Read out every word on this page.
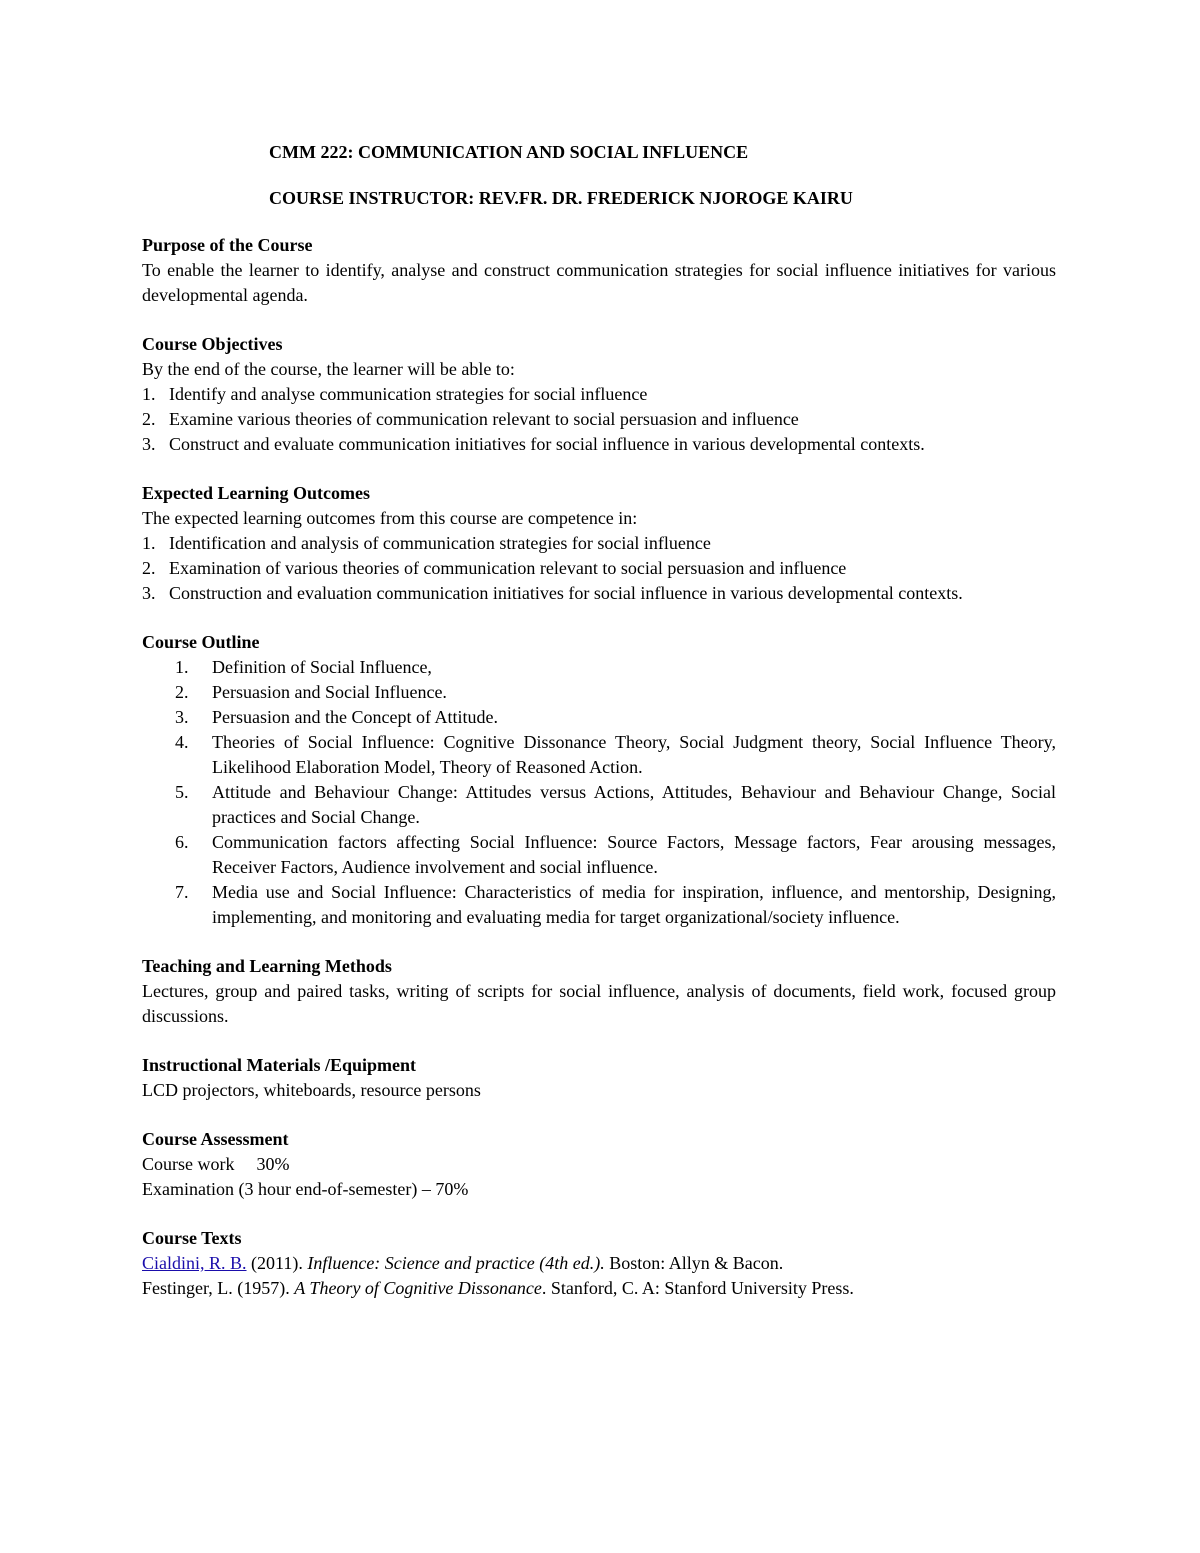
CMM 222: COMMUNICATION AND SOCIAL INFLUENCE
COURSE INSTRUCTOR: REV.FR. DR. FREDERICK NJOROGE KAIRU
Purpose of the Course
To enable the learner to identify, analyse and construct communication strategies for social influence initiatives for various developmental agenda.
Course Objectives
By the end of the course, the learner will be able to:
1. Identify and analyse communication strategies for social influence
2. Examine various theories of communication relevant to social persuasion and influence
3. Construct and evaluate communication initiatives for social influence in various developmental contexts.
Expected Learning Outcomes
The expected learning outcomes from this course are competence in:
1. Identification and analysis of communication strategies for social influence
2. Examination of various theories of communication relevant to social persuasion and influence
3. Construction and evaluation communication initiatives for social influence in various developmental contexts.
Course Outline
1. Definition of Social Influence,
2. Persuasion and Social Influence.
3. Persuasion and the Concept of Attitude.
4. Theories of Social Influence: Cognitive Dissonance Theory, Social Judgment theory, Social Influence Theory, Likelihood Elaboration Model, Theory of Reasoned Action.
5. Attitude and Behaviour Change: Attitudes versus Actions, Attitudes, Behaviour and Behaviour Change, Social practices and Social Change.
6. Communication factors affecting Social Influence: Source Factors, Message factors, Fear arousing messages, Receiver Factors, Audience involvement and social influence.
7. Media use and Social Influence: Characteristics of media for inspiration, influence, and mentorship, Designing, implementing, and monitoring and evaluating media for target organizational/society influence.
Teaching and Learning Methods
Lectures, group and paired tasks, writing of scripts for social influence, analysis of documents, field work, focused group discussions.
Instructional Materials /Equipment
LCD projectors, whiteboards, resource persons
Course Assessment
Course work 30%
Examination (3 hour end-of-semester) – 70%
Course Texts
Cialdini, R. B. (2011). Influence: Science and practice (4th ed.). Boston: Allyn & Bacon.
Festinger, L. (1957). A Theory of Cognitive Dissonance. Stanford, C. A: Stanford University Press.
